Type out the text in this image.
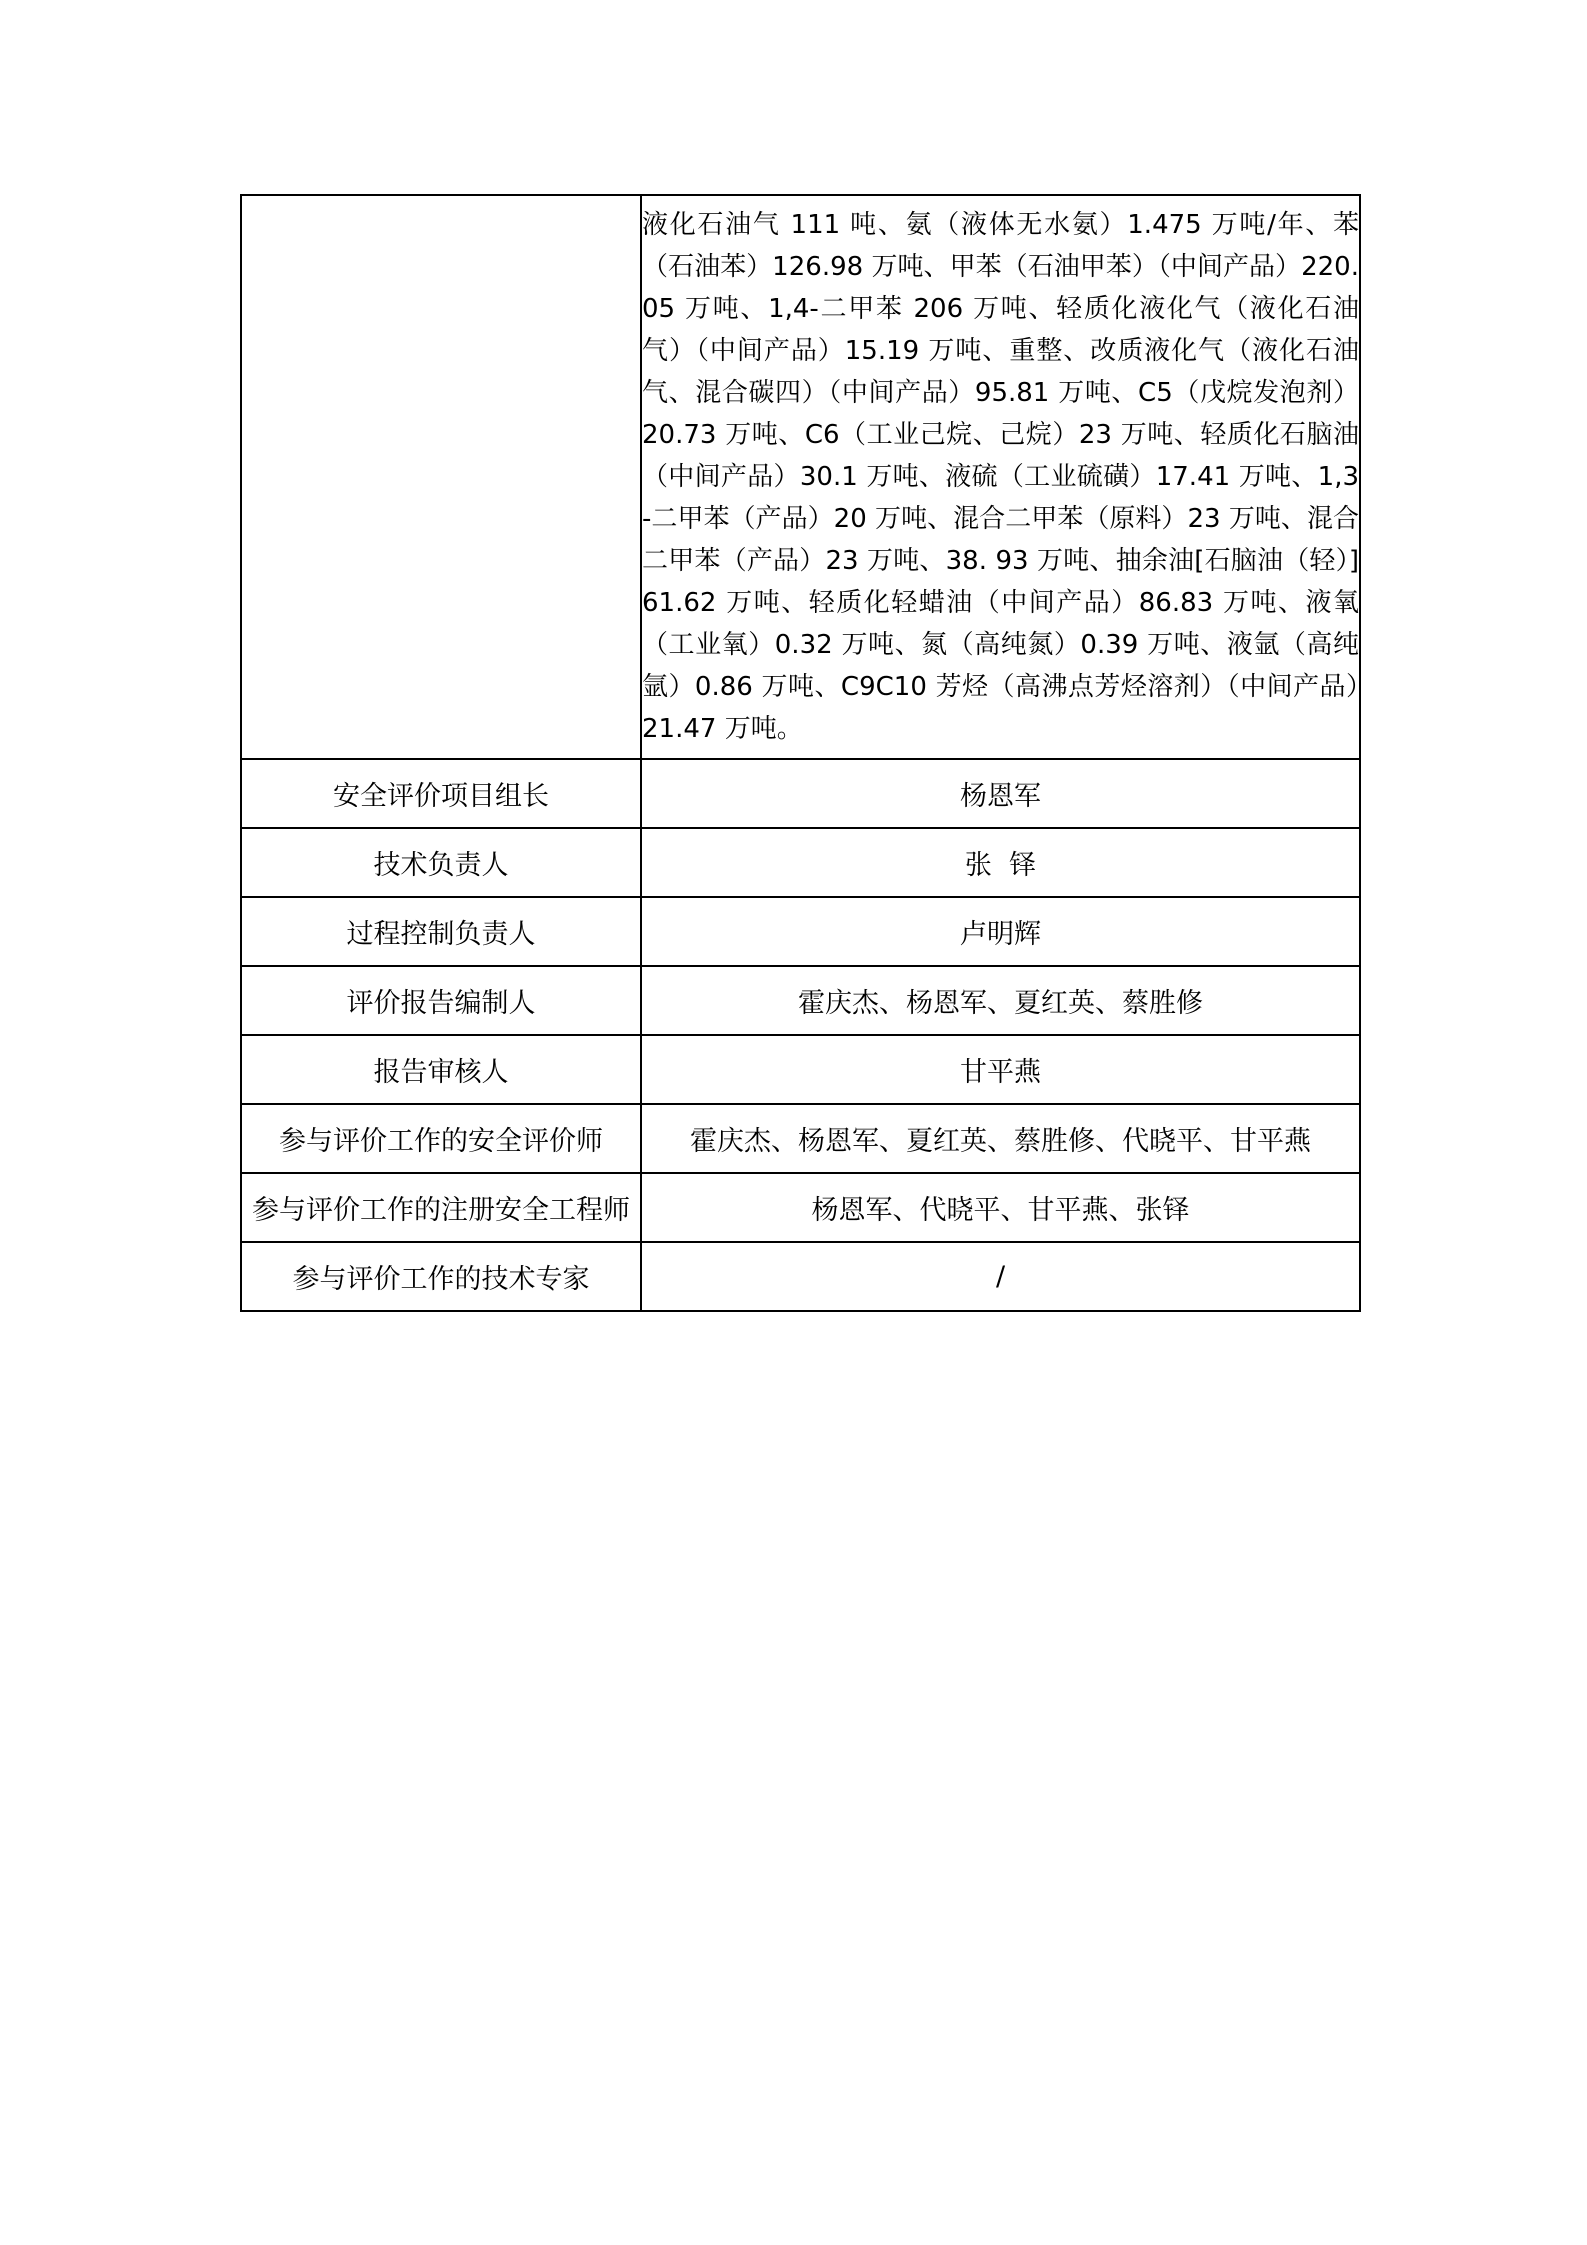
	液化石油气 111 吨、氨（液体无水氨）1.475 万吨/年、苯（石油苯）126.98 万吨、甲苯（石油甲苯）（中间产品）220.05 万吨、1,4-二甲苯 206 万吨、轻质化液化气（液化石油气）（中间产品）15.19 万吨、重整、改质液化气（液化石油气、混合碳四）（中间产品）95.81 万吨、C5（戊烷发泡剂）20.73 万吨、C6（工业己烷、己烷）23 万吨、轻质化石脑油（中间产品）30.1 万吨、液硫（工业硫磺）17.41 万吨、1,3-二甲苯（产品）20 万吨、混合二甲苯（原料）23 万吨、混合二甲苯（产品）23 万吨、38. 93 万吨、抽余油[石脑油（轻）]61.62 万吨、轻质化轻蜡油（中间产品）86.83 万吨、液氧（工业氧）0.32 万吨、氮（高纯氮）0.39 万吨、液氩（高纯氩）0.86 万吨、C9C10 芳烃（高沸点芳烃溶剂）（中间产品）21.47 万吨。
安全评价项目组长	杨恩军
技术负责人	张  铎
过程控制负责人	卢明辉
评价报告编制人	霍庆杰、杨恩军、夏红英、蔡胜修
报告审核人	甘平燕
参与评价工作的安全评价师	霍庆杰、杨恩军、夏红英、蔡胜修、代晓平、甘平燕
参与评价工作的注册安全工程师	杨恩军、代晓平、甘平燕、张铎
参与评价工作的技术专家	/
